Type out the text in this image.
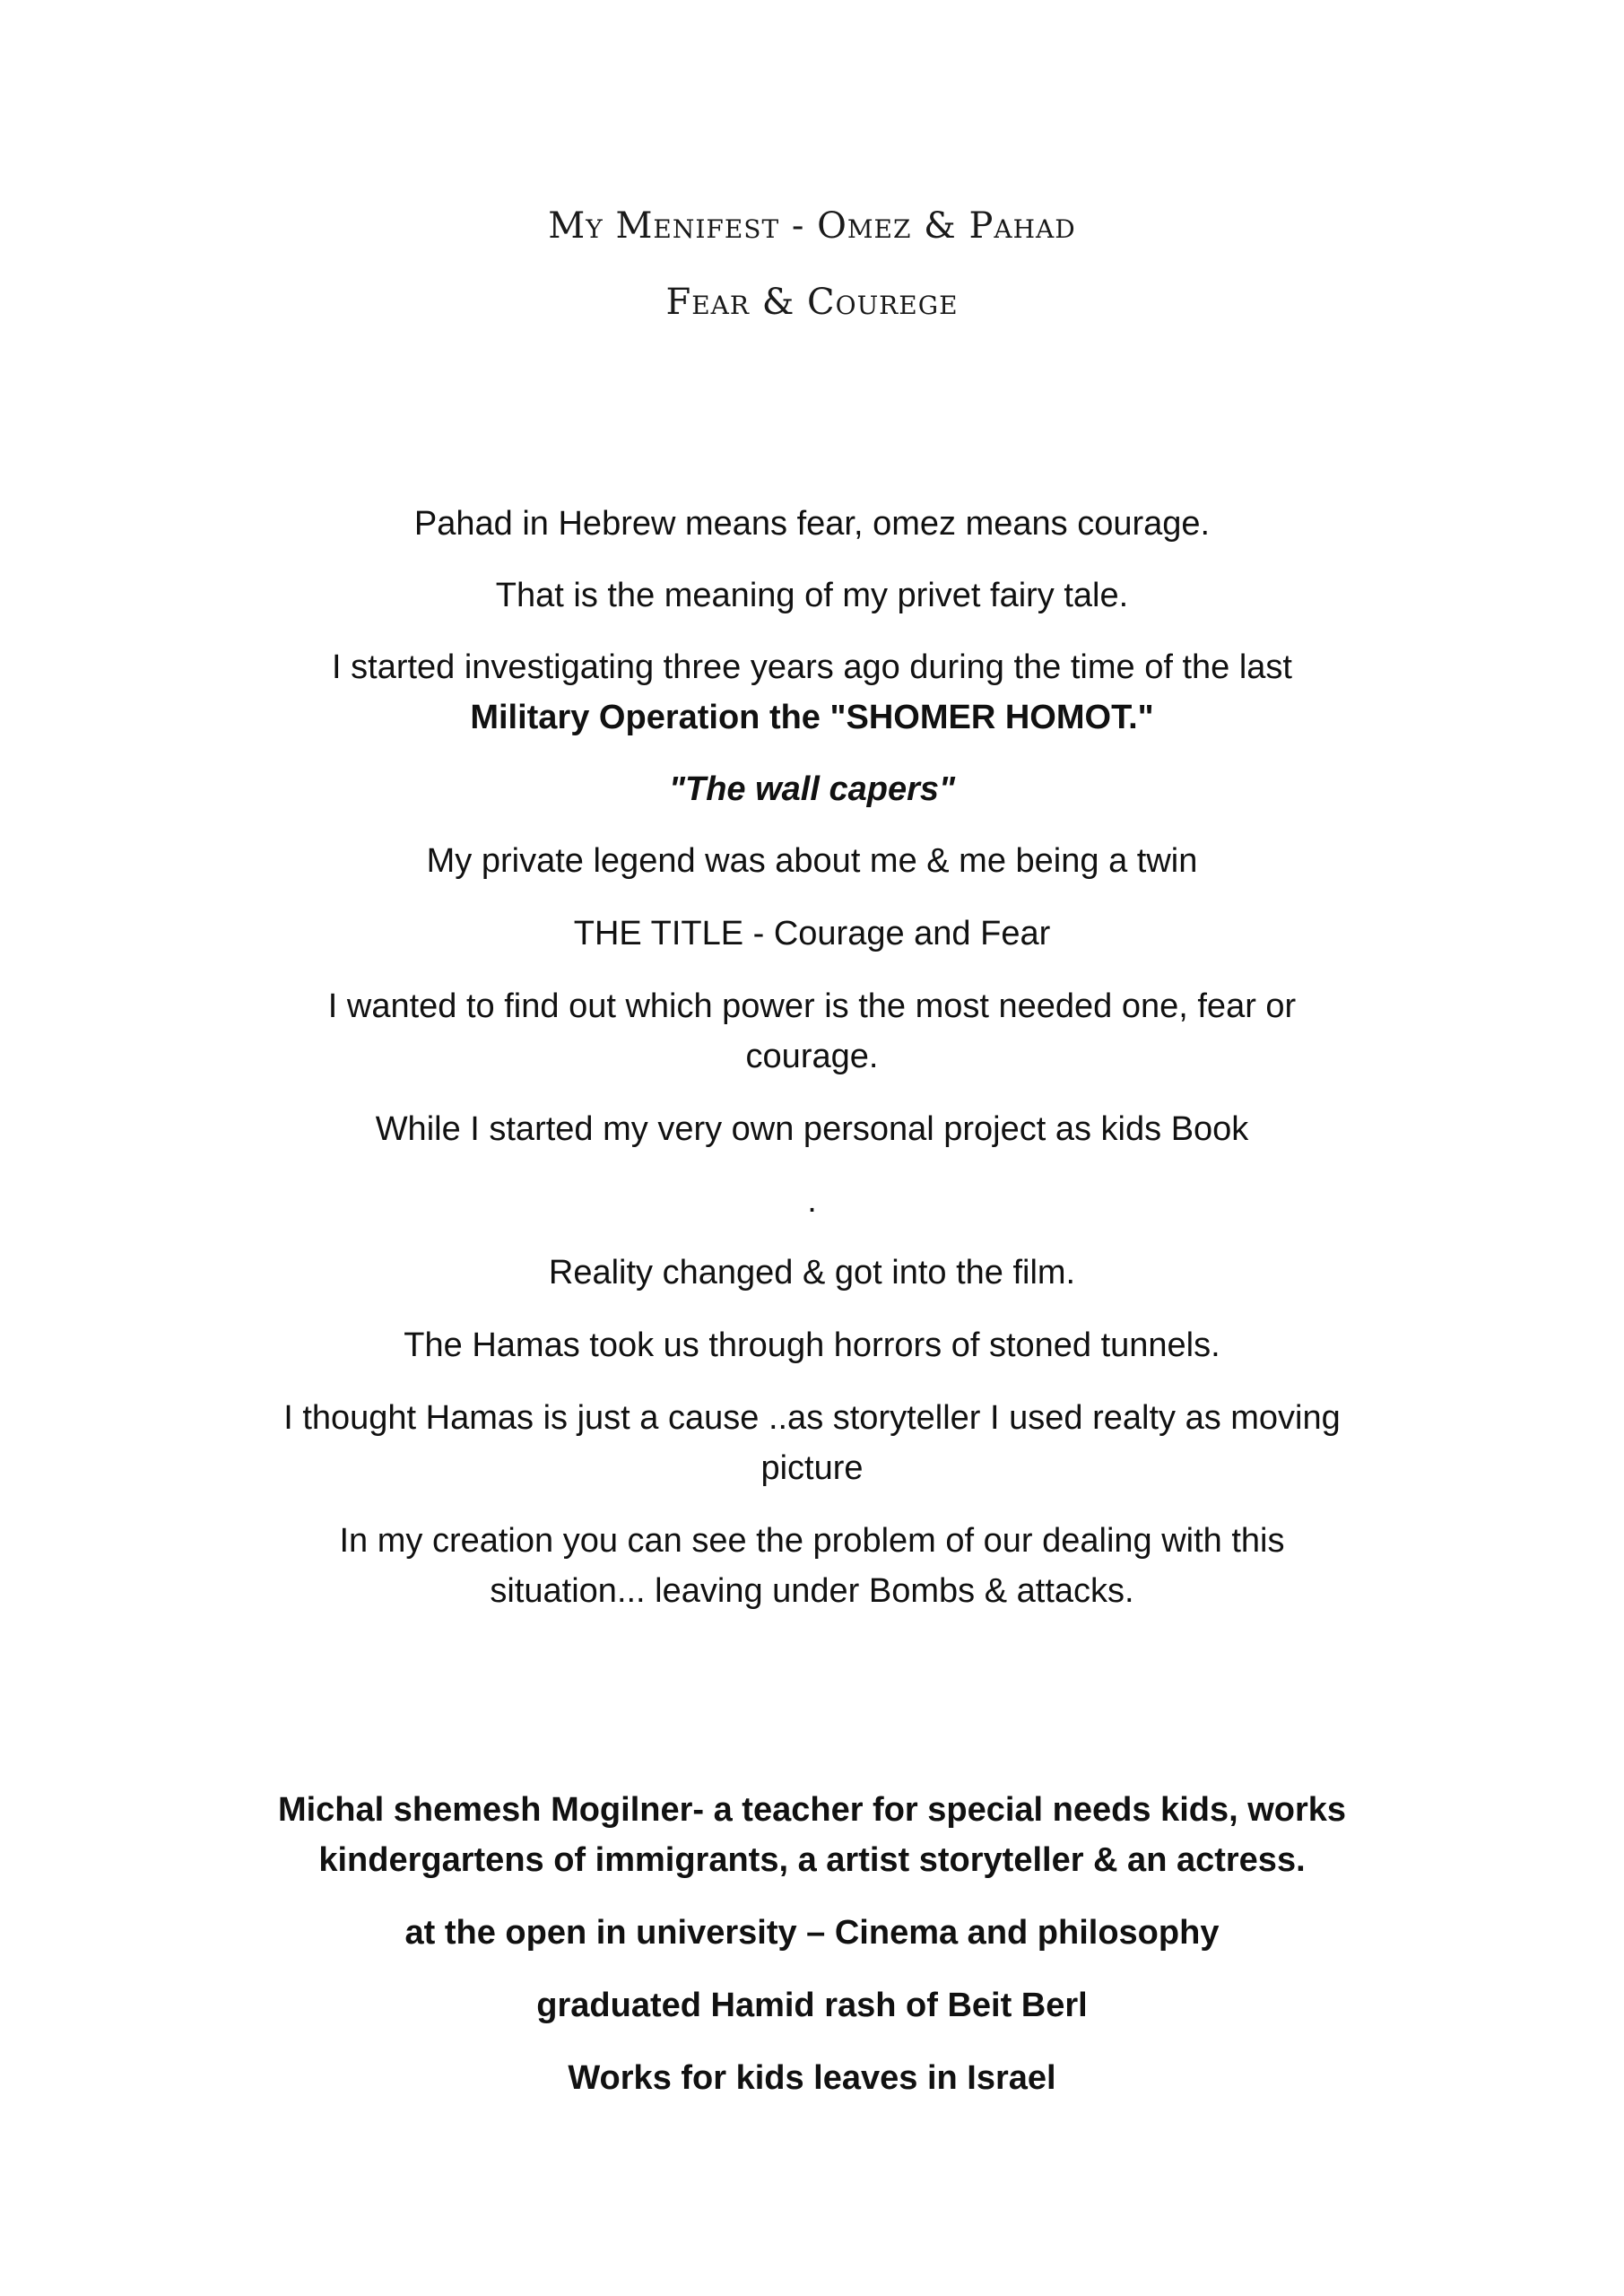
My Menifest - Omez & Pahad
Fear & Courege
Pahad in Hebrew means fear, omez means courage.
That is the meaning of my privet fairy tale.
I started investigating three years ago during the time of the last
Military Operation the "SHOMER HOMOT."
"The wall capers"
My private legend was about me & me being a twin
THE TITLE - Courage and Fear
I wanted to find out which power is the most needed one, fear or
courage.
While I started my very own personal project as kids Book
.
Reality changed & got into the film.
The Hamas took us through horrors of stoned tunnels.
I thought Hamas is just a cause ..as storyteller I used realty as moving
picture
In my creation you can see the problem of our dealing with this
situation... leaving under Bombs & attacks.
Michal shemesh Mogilner- a teacher for special needs kids, works
kindergartens of immigrants, a artist storyteller & an actress.
at the open in university – Cinema and philosophy
graduated Hamid rash of Beit Berl
Works for kids leaves in Israel
